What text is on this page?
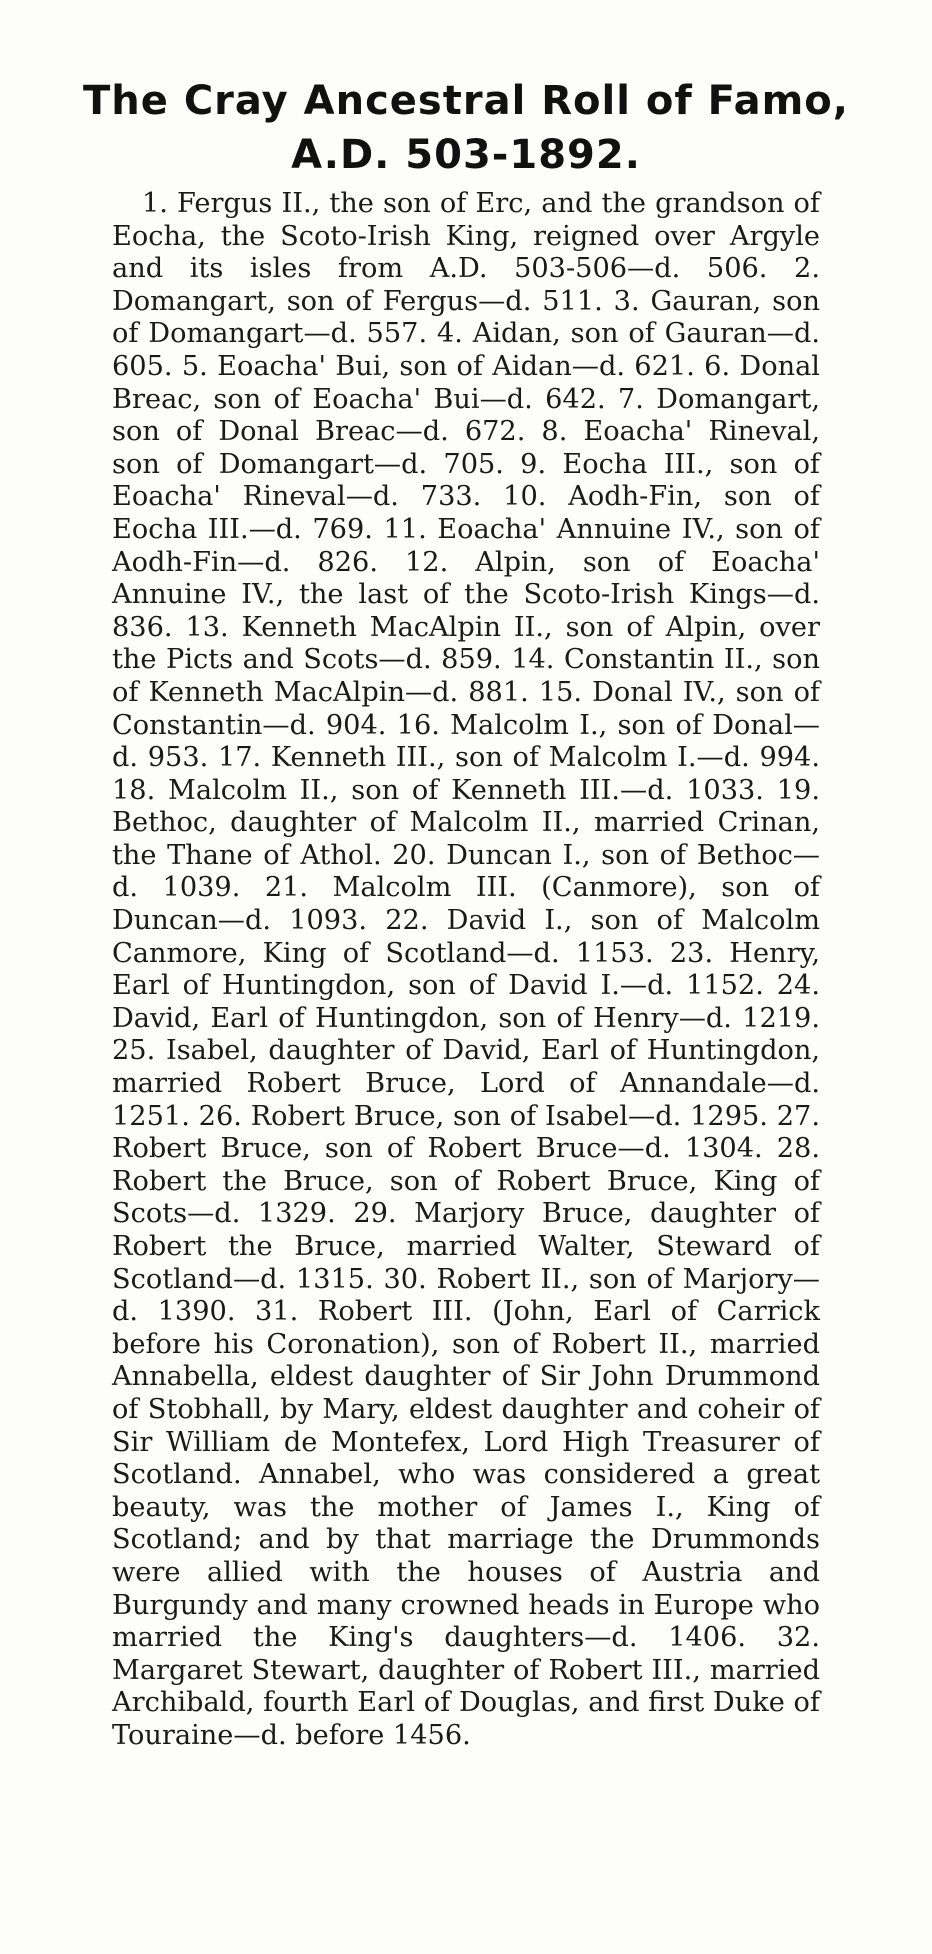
The Cray Ancestral Roll of Famo,
A.D. 503-1892.

1. Fergus II., the son of Erc, and the grandson of Eocha, the Scoto-Irish King, reigned over Argyle and its isles from A.D. 503-506—d. 506. 2. Domangart, son of Fergus—d. 511. 3. Gauran, son of Domangart—d. 557. 4. Aidan, son of Gauran—d. 605. 5. Eoacha' Bui, son of Aidan—d. 621. 6. Donal Breac, son of Eoacha' Bui—d. 642. 7. Domangart, son of Donal Breac—d. 672. 8. Eoacha' Rineval, son of Domangart—d. 705. 9. Eocha III., son of Eoacha' Rineval—d. 733. 10. Aodh-Fin, son of Eocha III.—d. 769. 11. Eoacha' Annuine IV., son of Aodh-Fin—d. 826. 12. Alpin, son of Eoacha' Annuine IV., the last of the Scoto-Irish Kings—d. 836. 13. Kenneth MacAlpin II., son of Alpin, over the Picts and Scots—d. 859. 14. Constantin II., son of Kenneth MacAlpin—d. 881. 15. Donal IV., son of Constantin—d. 904. 16. Malcolm I., son of Donal—d. 953. 17. Kenneth III., son of Malcolm I.—d. 994. 18. Malcolm II., son of Kenneth III.—d. 1033. 19. Bethoc, daughter of Malcolm II., married Crinan, the Thane of Athol. 20. Duncan I., son of Bethoc—d. 1039. 21. Malcolm III. (Canmore), son of Duncan—d. 1093. 22. David I., son of Malcolm Canmore, King of Scotland—d. 1153. 23. Henry, Earl of Huntingdon, son of David I.—d. 1152. 24. David, Earl of Huntingdon, son of Henry—d. 1219. 25. Isabel, daughter of David, Earl of Huntingdon, married Robert Bruce, Lord of Annandale—d. 1251. 26. Robert Bruce, son of Isabel—d. 1295. 27. Robert Bruce, son of Robert Bruce—d. 1304. 28. Robert the Bruce, son of Robert Bruce, King of Scots—d. 1329. 29. Marjory Bruce, daughter of Robert the Bruce, married Walter, Steward of Scotland—d. 1315. 30. Robert II., son of Marjory—d. 1390. 31. Robert III. (John, Earl of Carrick before his Coronation), son of Robert II., married Annabella, eldest daughter of Sir John Drummond of Stobhall, by Mary, eldest daughter and coheir of Sir William de Montefex, Lord High Treasurer of Scotland. Annabel, who was considered a great beauty, was the mother of James I., King of Scotland; and by that marriage the Drummonds were allied with the houses of Austria and Burgundy and many crowned heads in Europe who married the King's daughters—d. 1406. 32. Margaret Stewart, daughter of Robert III., married Archibald, fourth Earl of Douglas, and first Duke of Touraine—d. before 1456.
